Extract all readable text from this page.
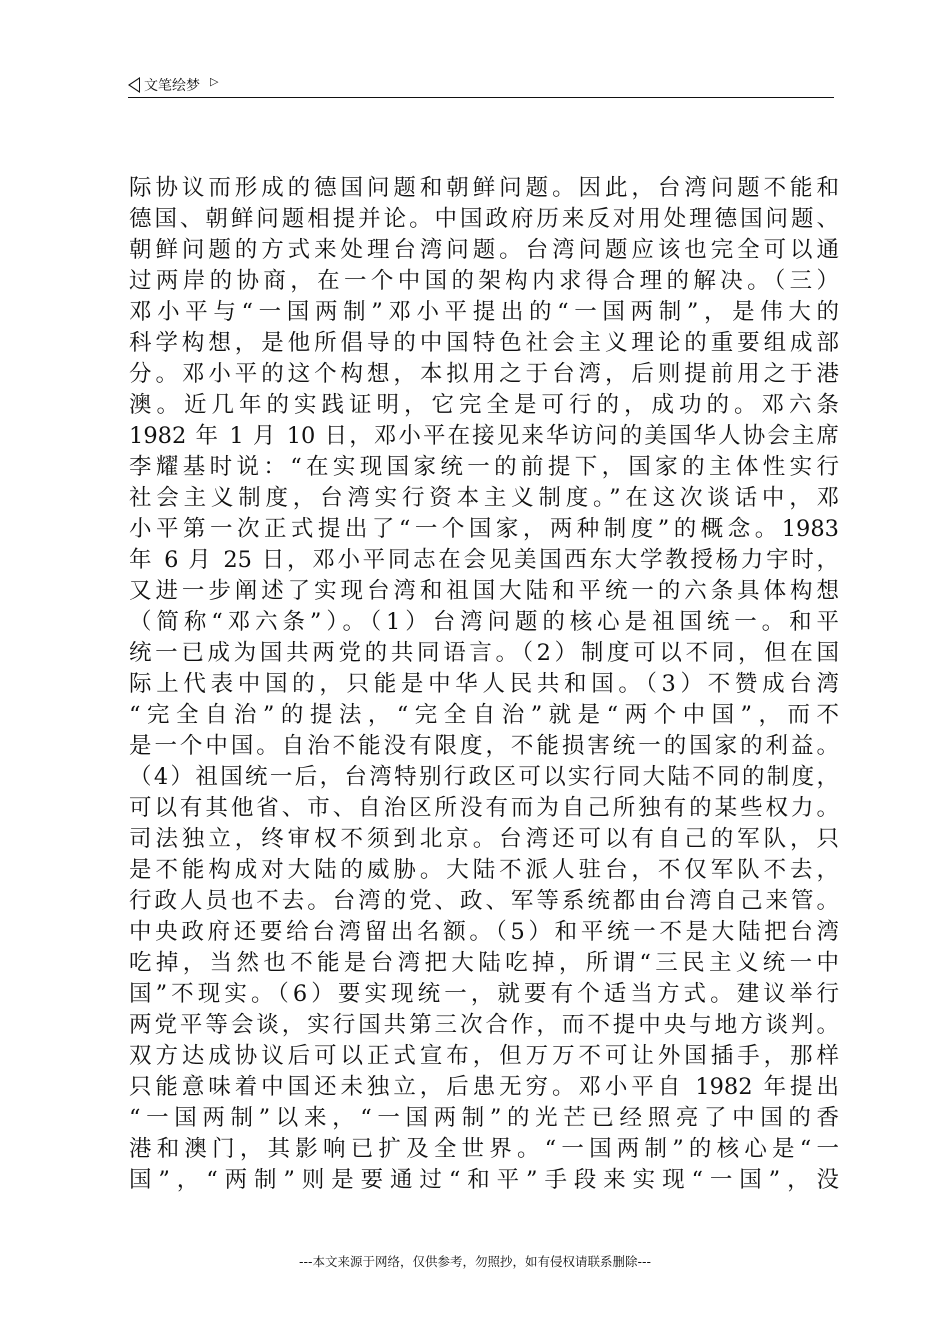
文笔绘梦 ▷
际协议而形成的德国问题和朝鲜问题。因此，台湾问题不能和
德国、朝鲜问题相提并论。中国政府历来反对用处理德国问题、
朝鲜问题的方式来处理台湾问题。台湾问题应该也完全可以通
过两岸的协商，在一个中国的架构内求得合理的解决。（三）
邓小平与“一国两制”邓小平提出的“一国两制”，是伟大的
科学构想，是他所倡导的中国特色社会主义理论的重要组成部
分。邓小平的这个构想，本拟用之于台湾，后则提前用之于港
澳。近几年的实践证明，它完全是可行的，成功的。邓六条
1982 年 1 月 10 日，邓小平在接见来华访问的美国华人协会主席
李耀基时说：“在实现国家统一的前提下，国家的主体性实行
社会主义制度，台湾实行资本主义制度。”在这次谈话中，邓
小平第一次正式提出了“一个国家，两种制度”的概念。1983
年 6 月 25 日，邓小平同志在会见美国西东大学教授杨力宇时，
又进一步阐述了实现台湾和祖国大陆和平统一的六条具体构想
（简称“邓六条”）。（1）台湾问题的核心是祖国统一。和平
统一已成为国共两党的共同语言。（2）制度可以不同，但在国
际上代表中国的，只能是中华人民共和国。（3）不赞成台湾
“完全自治”的提法，“完全自治”就是“两个中国”，而不
是一个中国。自治不能没有限度，不能损害统一的国家的利益。
（4）祖国统一后，台湾特别行政区可以实行同大陆不同的制度，
可以有其他省、市、自治区所没有而为自己所独有的某些权力。
司法独立，终审权不须到北京。台湾还可以有自己的军队，只
是不能构成对大陆的威胁。大陆不派人驻台，不仅军队不去，
行政人员也不去。台湾的党、政、军等系统都由台湾自己来管。
中央政府还要给台湾留出名额。（5）和平统一不是大陆把台湾
吃掉，当然也不能是台湾把大陆吃掉，所谓“三民主义统一中
国”不现实。（6）要实现统一，就要有个适当方式。建议举行
两党平等会谈，实行国共第三次合作，而不提中央与地方谈判。
双方达成协议后可以正式宣布，但万万不可让外国插手，那样
只能意味着中国还未独立，后患无穷。邓小平自 1982 年提出
“一国两制”以来，“一国两制”的光芒已经照亮了中国的香
港和澳门，其影响已扩及全世界。“一国两制”的核心是“一
国”，“两制”则是要通过“和平”手段来实现“一国”，没
---本文来源于网络，仅供参考，勿照抄，如有侵权请联系删除---
